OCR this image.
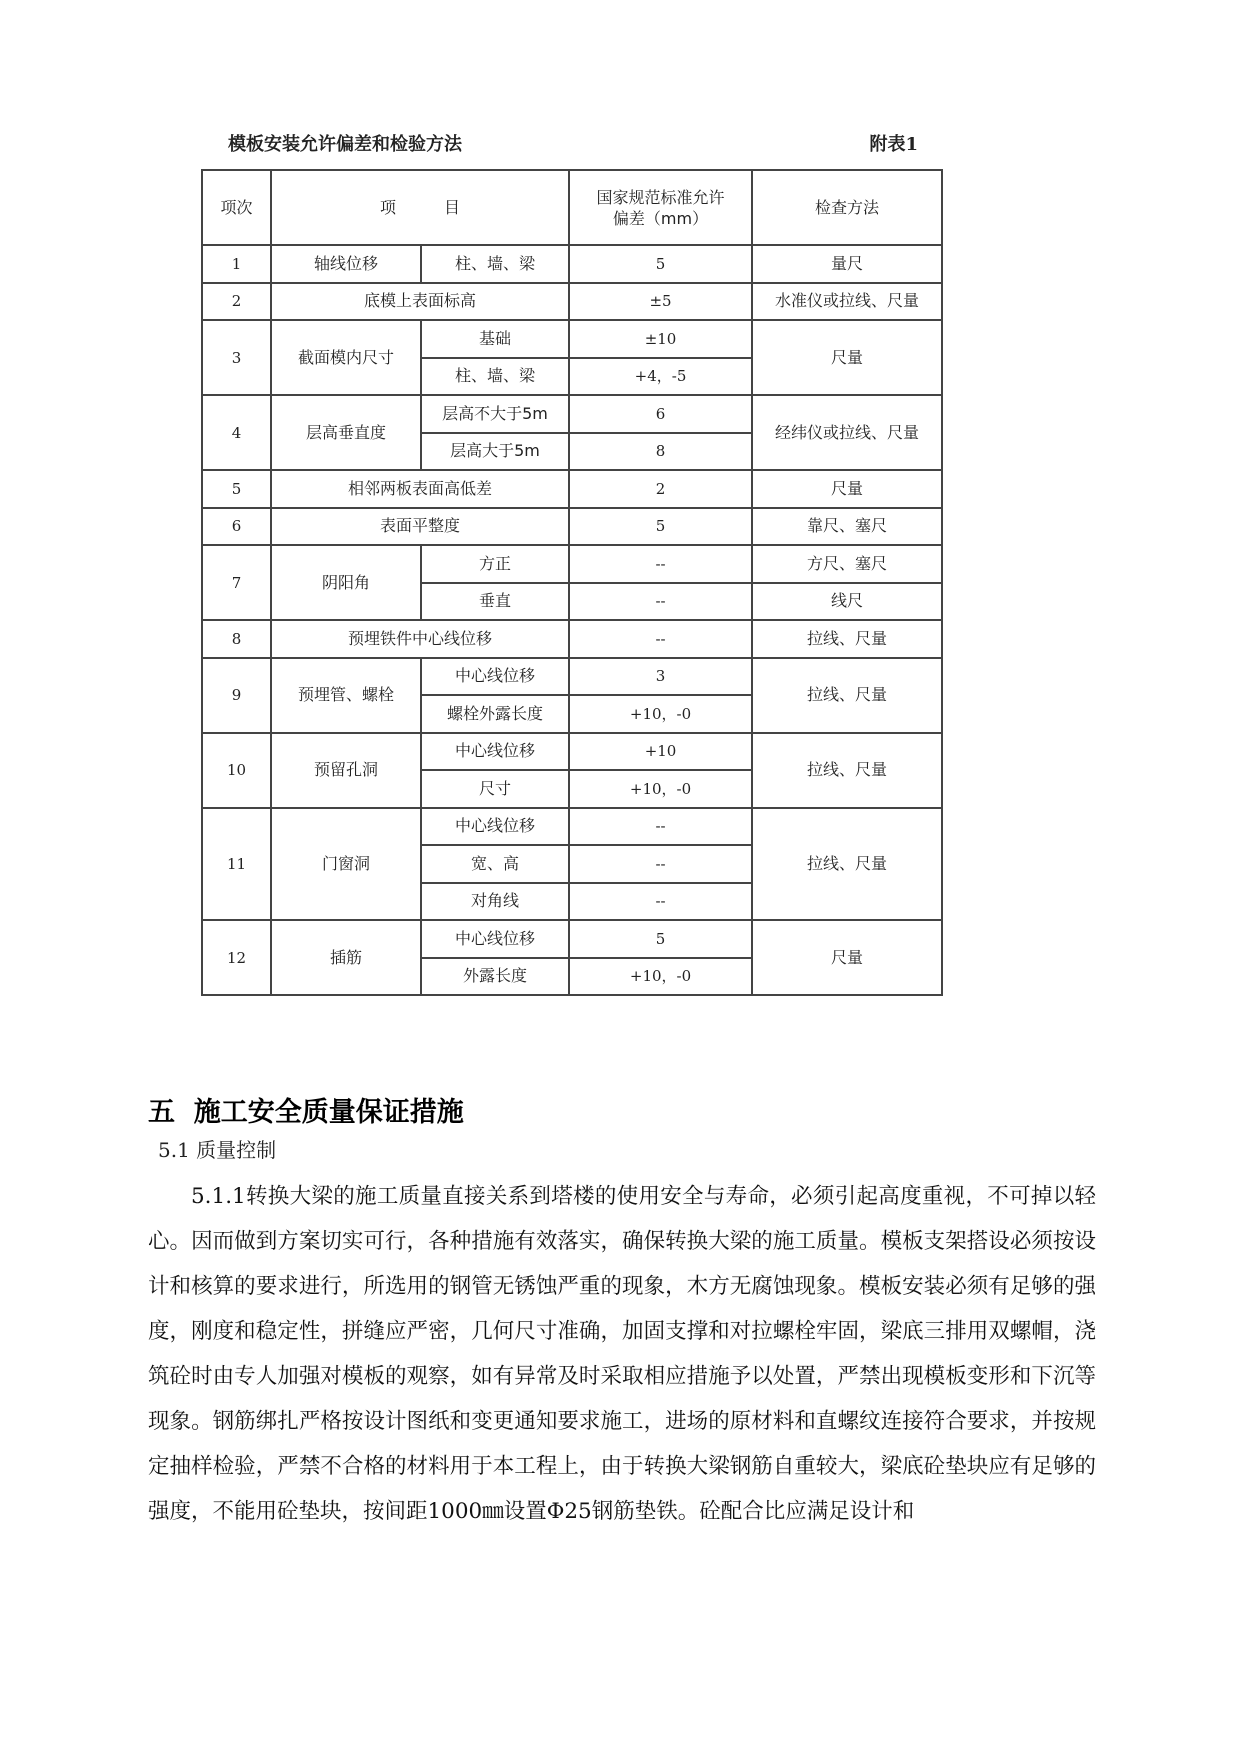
模板安装允许偏差和检验方法	附表1
项次	项　　　目		国家规范标准允许偏差（mm）	检查方法
1	轴线位移	柱、墙、梁	5	量尺
2	底模上表面标高		±5	水准仪或拉线、尺量
3	截面模内尺寸	基础	±10	尺量
		柱、墙、梁	+4，-5	
4	层高垂直度	层高不大于5m	6	经纬仪或拉线、尺量
		层高大于5m	8	
5	相邻两板表面高低差		2	尺量
6	表面平整度		5	靠尺、塞尺
7	阴阳角	方正	--	方尺、塞尺
		垂直	--	线尺
8	预埋铁件中心线位移		--	拉线、尺量
9	预埋管、螺栓	中心线位移	3	拉线、尺量
		螺栓外露长度	+10，-0	
10	预留孔洞	中心线位移	+10	拉线、尺量
		尺寸	+10，-0	
11	门窗洞	中心线位移	--	拉线、尺量
		宽、高	--	
		对角线	--	
12	插筋	中心线位移	5	尺量
		外露长度	+10，-0	
五  施工安全质量保证措施
5.1 质量控制
5.1.1转换大梁的施工质量直接关系到塔楼的使用安全与寿命，必须引起高度重视，不可掉以轻心。因而做到方案切实可行，各种措施有效落实，确保转换大梁的施工质量。模板支架搭设必须按设计和核算的要求进行，所选用的钢管无锈蚀严重的现象，木方无腐蚀现象。模板安装必须有足够的强度，刚度和稳定性，拼缝应严密，几何尺寸准确，加固支撑和对拉螺栓牢固，梁底三排用双螺帽，浇筑砼时由专人加强对模板的观察，如有异常及时采取相应措施予以处置，严禁出现模板变形和下沉等现象。钢筋绑扎严格按设计图纸和变更通知要求施工，进场的原材料和直螺纹连接符合要求，并按规定抽样检验，严禁不合格的材料用于本工程上，由于转换大梁钢筋自重较大，梁底砼垫块应有足够的强度，不能用砼垫块，按间距1000㎜设置Φ25钢筋垫铁。砼配合比应满足设计和
